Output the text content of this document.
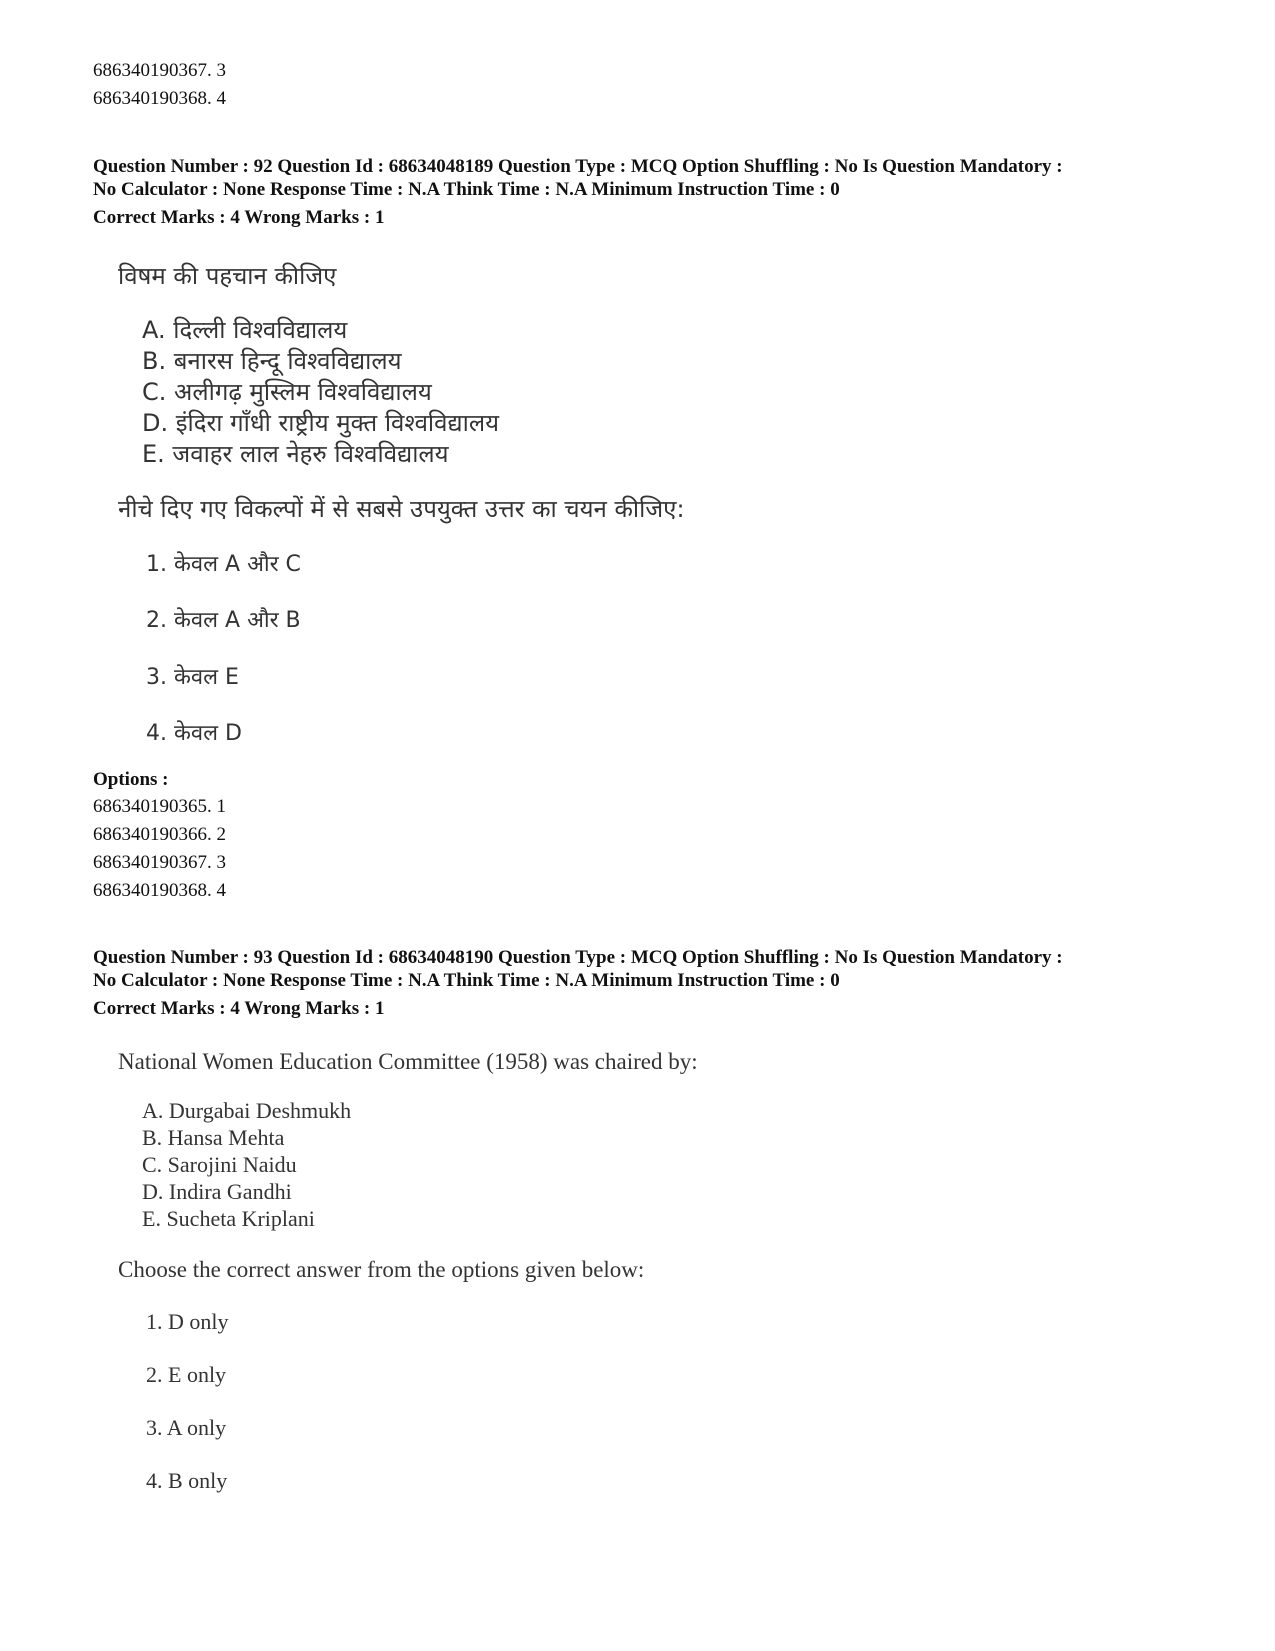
686340190367. 3
686340190368. 4
Question Number : 92 Question Id : 68634048189 Question Type : MCQ Option Shuffling : No Is Question Mandatory :
No Calculator : None Response Time : N.A Think Time : N.A Minimum Instruction Time : 0
Correct Marks : 4 Wrong Marks : 1
विषम की पहचान कीजिए
A. दिल्ली विश्वविद्यालय
B. बनारस हिन्दू विश्वविद्यालय
C. अलीगढ़ मुस्लिम विश्वविद्यालय
D. इंदिरा गाँधी राष्ट्रीय मुक्त विश्वविद्यालय
E. जवाहर लाल नेहरु विश्वविद्यालय
नीचे दिए गए विकल्पों में से सबसे उपयुक्त उत्तर का चयन कीजिए:
1. केवल A और C
2. केवल A और B
3. केवल E
4. केवल D
Options :
686340190365. 1
686340190366. 2
686340190367. 3
686340190368. 4
Question Number : 93 Question Id : 68634048190 Question Type : MCQ Option Shuffling : No Is Question Mandatory :
No Calculator : None Response Time : N.A Think Time : N.A Minimum Instruction Time : 0
Correct Marks : 4 Wrong Marks : 1
National Women Education Committee (1958) was chaired by:
A. Durgabai Deshmukh
B. Hansa Mehta
C. Sarojini Naidu
D. Indira Gandhi
E. Sucheta Kriplani
Choose the correct answer from the options given below:
1. D only
2. E only
3. A only
4. B only
